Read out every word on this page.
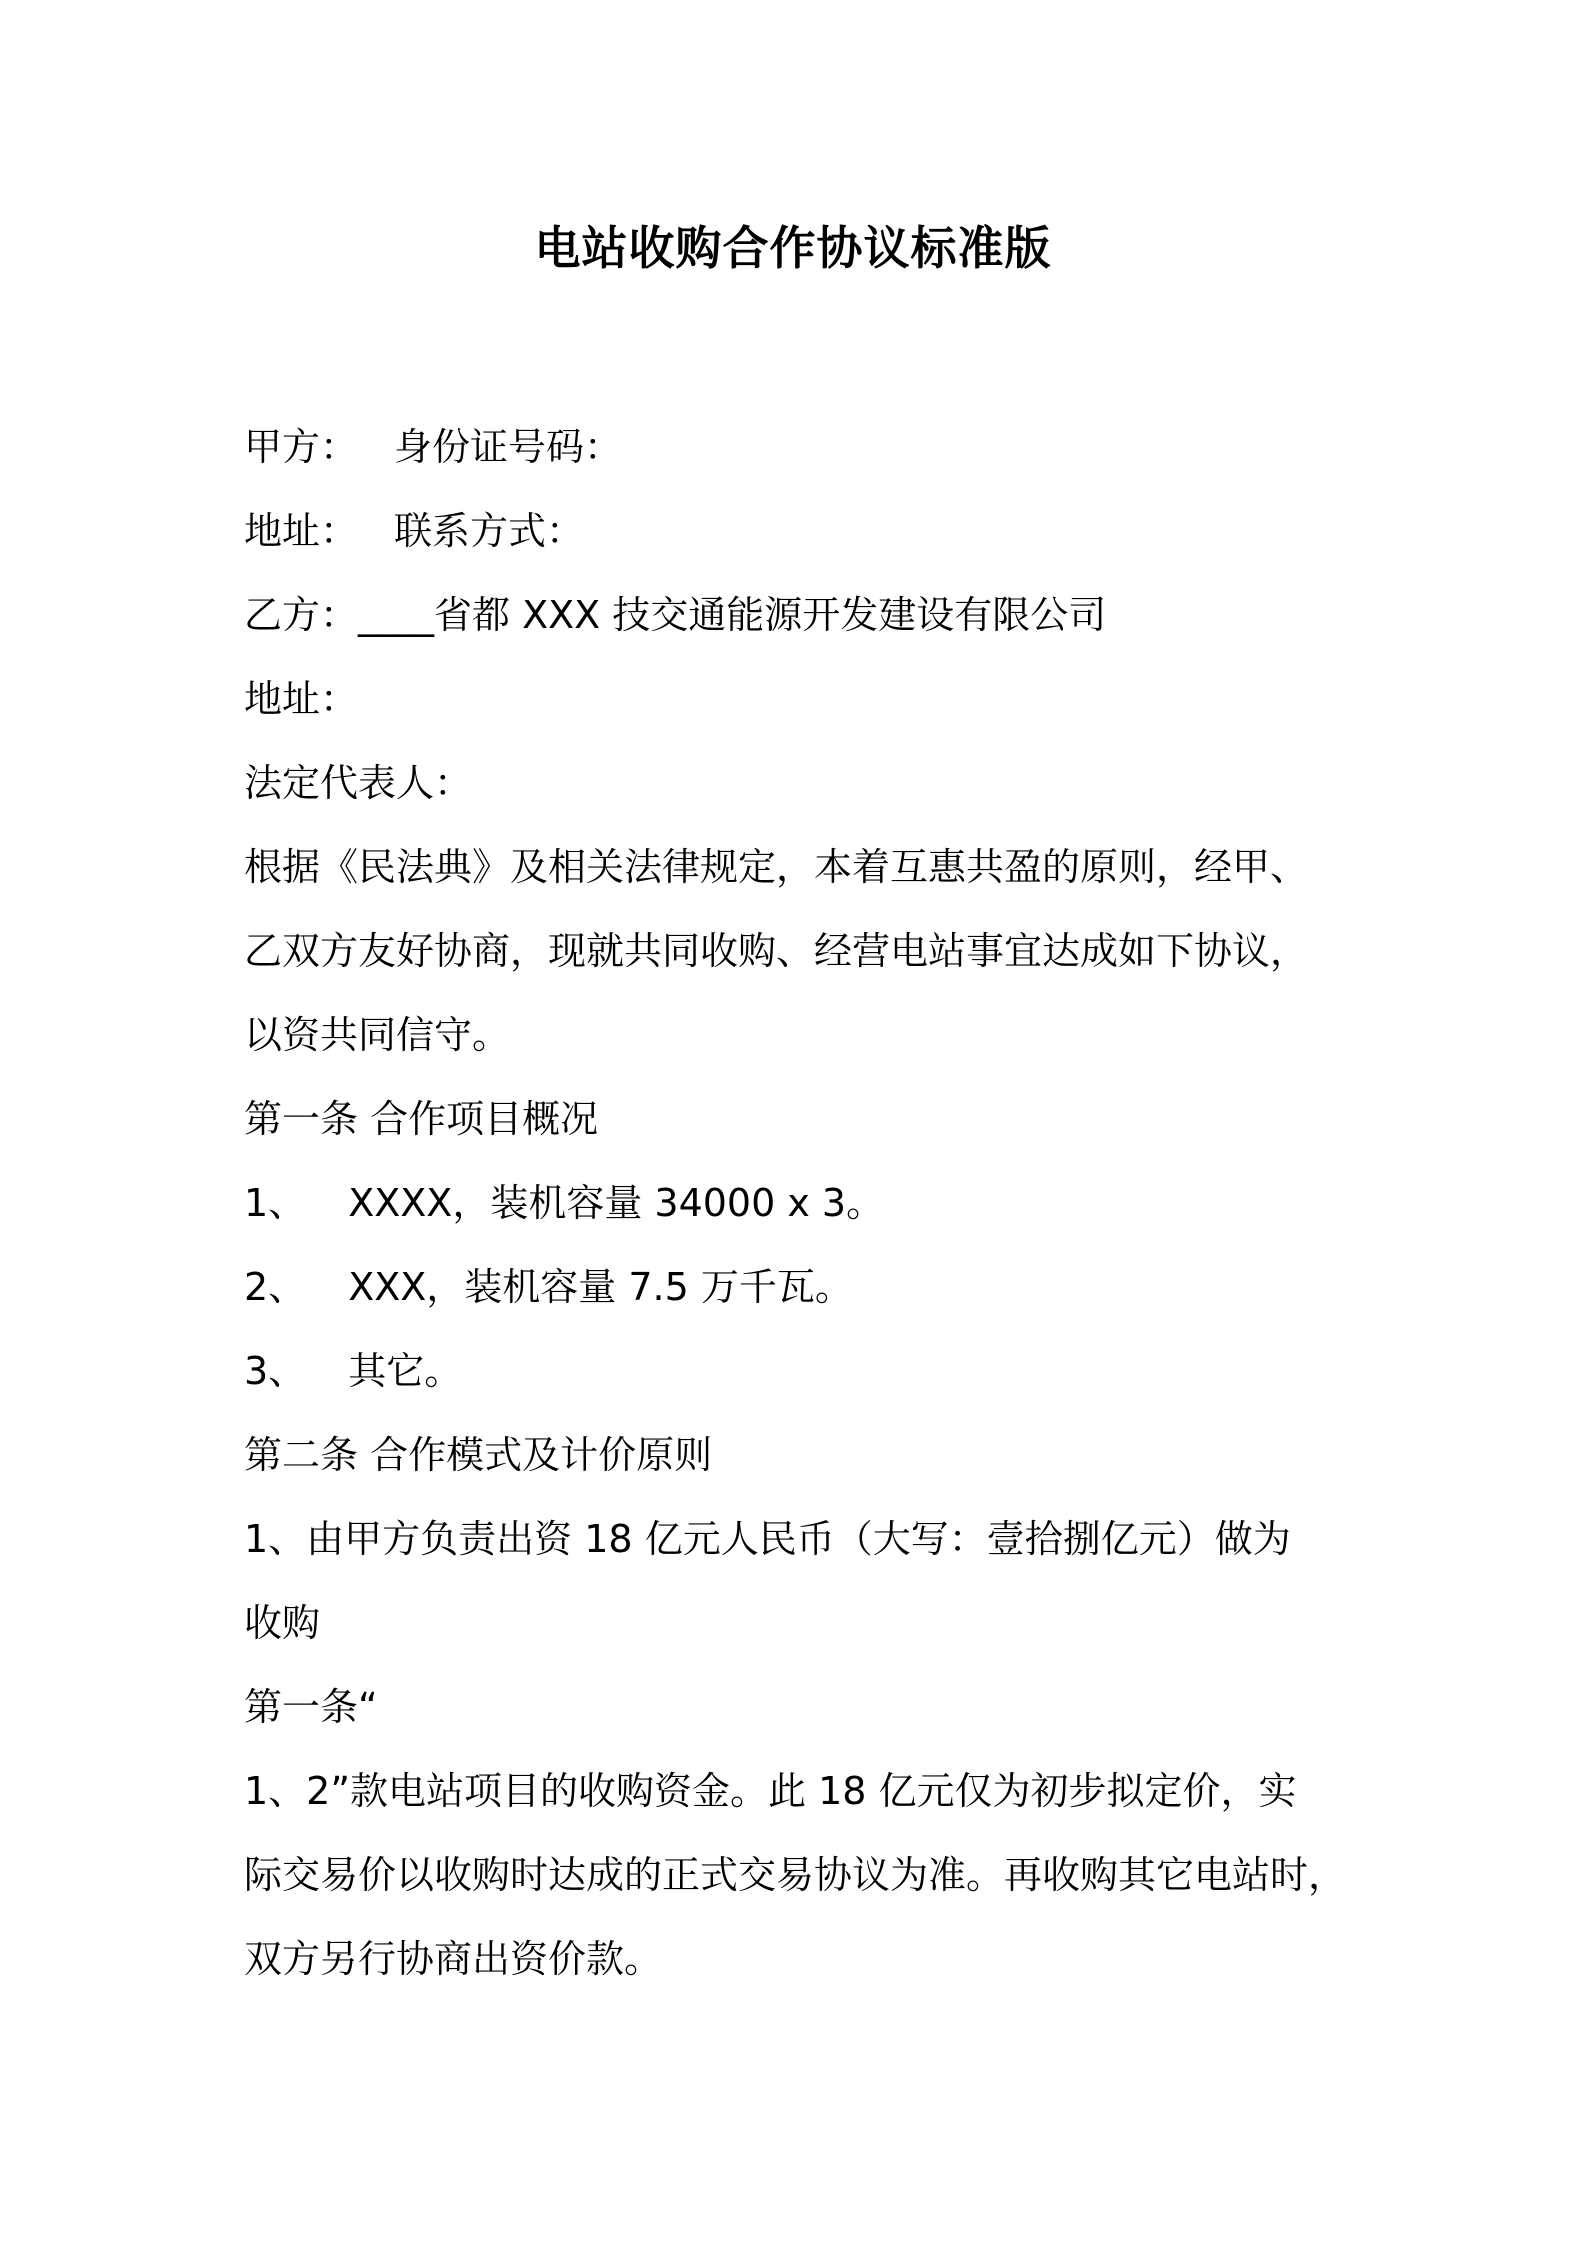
电站收购合作协议标准版
甲方： 身份证号码：
地址： 联系方式：
乙方：____省都 XXX 技交通能源开发建设有限公司
地址：
法定代表人：
根据《民法典》及相关法律规定，本着互惠共盈的原则，经甲、
乙双方友好协商，现就共同收购、经营电站事宜达成如下协议，
以资共同信守。
第一条 合作项目概况
1、 XXXX，装机容量 34000 x 3。
2、 XXX，装机容量 7.5 万千瓦。
3、 其它。
第二条 合作模式及计价原则
1、由甲方负责出资 18 亿元人民币（大写：壹拾捌亿元）做为
收购
第一条“
1、2”款电站项目的收购资金。此 18 亿元仅为初步拟定价，实
际交易价以收购时达成的正式交易协议为准。再收购其它电站时，
双方另行协商出资价款。
